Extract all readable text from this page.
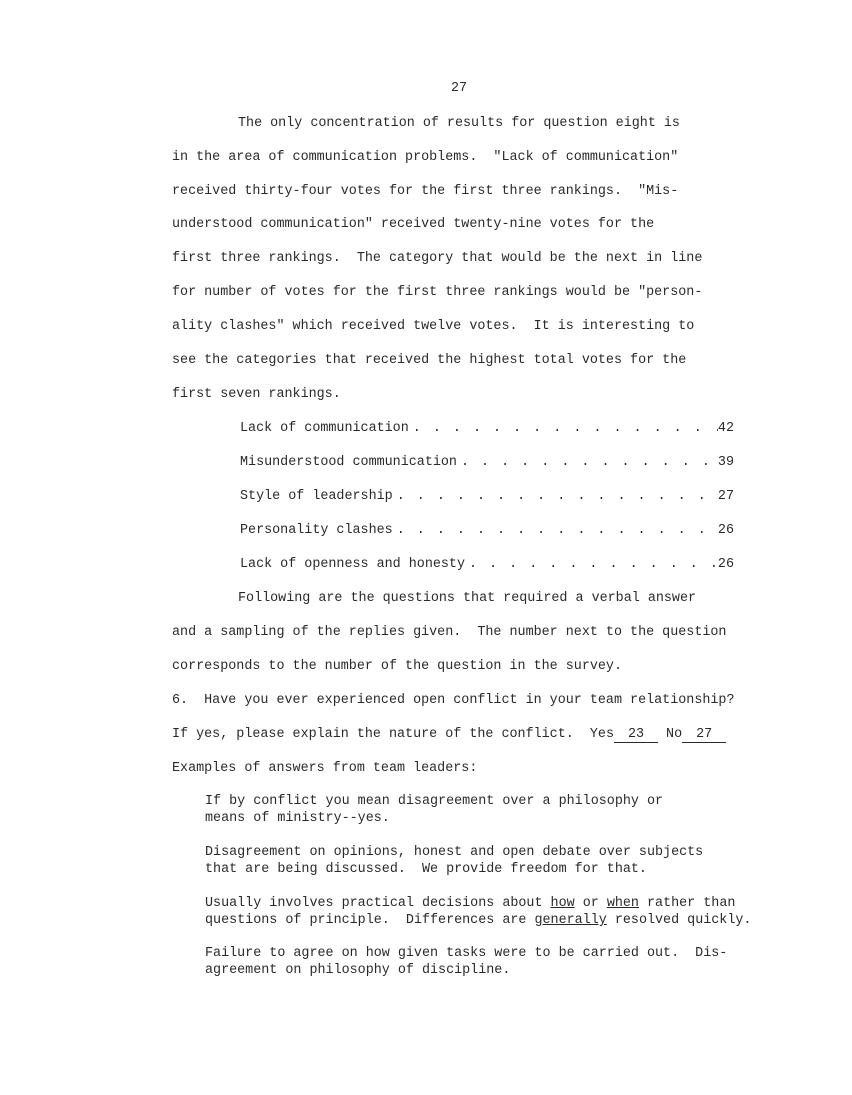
27
The only concentration of results for question eight is
in the area of communication problems.  "Lack of communication"
received thirty-four votes for the first three rankings.  "Mis-
understood communication" received twenty-nine votes for the
first three rankings.  The category that would be the next in line
for number of votes for the first three rankings would be "person-
ality clashes" which received twelve votes.  It is interesting to
see the categories that received the highest total votes for the
first seven rankings.
Lack of communication . . .	42
Misunderstood communication . . .	39
Style of leadership . . .	27
Personality clashes . . .	26
Lack of openness and honesty . . .	26
Following are the questions that required a verbal answer
and a sampling of the replies given.  The number next to the question
corresponds to the number of the question in the survey.
6.  Have you ever experienced open conflict in your team relationship?
If yes, please explain the nature of the conflict. Yes 23 No 27
Examples of answers from team leaders:
If by conflict you mean disagreement over a philosophy or
means of ministry--yes.
Disagreement on opinions, honest and open debate over subjects
that are being discussed.  We provide freedom for that.
Usually involves practical decisions about how or when rather than
questions of principle.  Differences are generally resolved quickly.
Failure to agree on how given tasks were to be carried out.  Dis-
agreement on philosophy of discipline.
